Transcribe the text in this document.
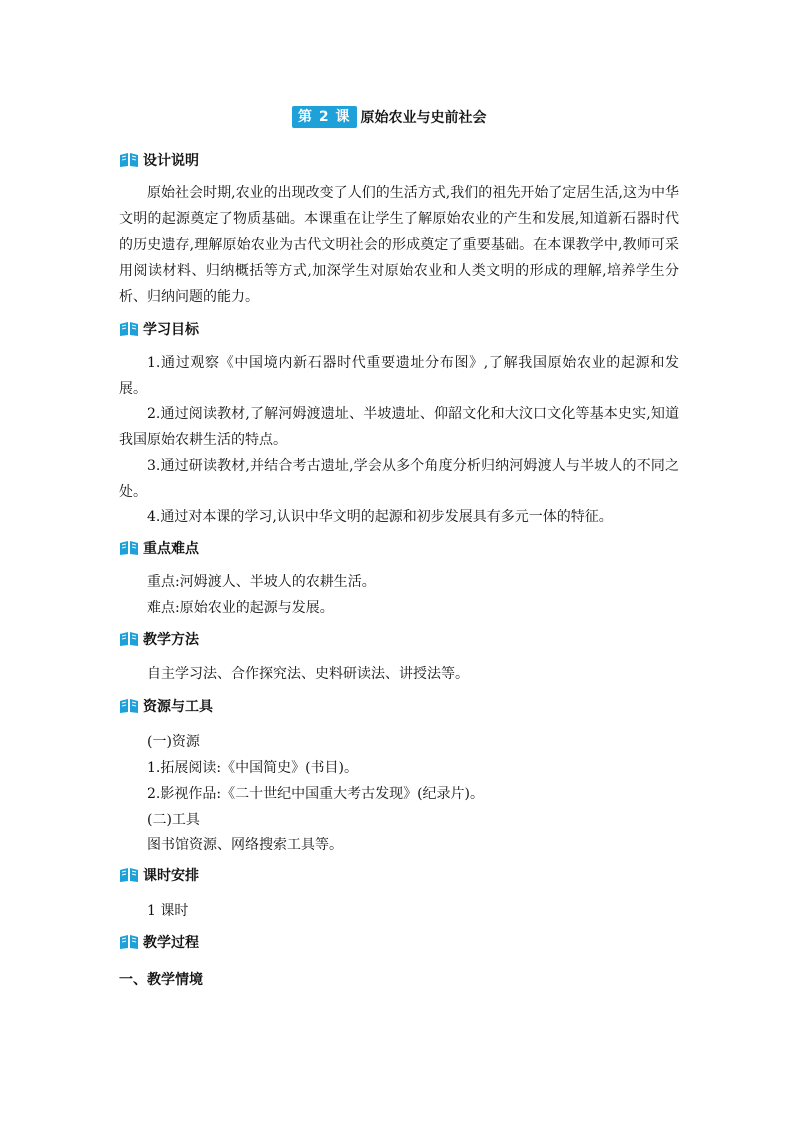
第 2 课 原始农业与史前社会
设计说明

原始社会时期,农业的出现改变了人们的生活方式,我们的祖先开始了定居生活,这为中华文明的起源奠定了物质基础。本课重在让学生了解原始农业的产生和发展,知道新石器时代的历史遗存,理解原始农业为古代文明社会的形成奠定了重要基础。在本课教学中,教师可采用阅读材料、归纳概括等方式,加深学生对原始农业和人类文明的形成的理解,培养学生分析、归纳问题的能力。

学习目标

1.通过观察《中国境内新石器时代重要遗址分布图》,了解我国原始农业的起源和发展。

2.通过阅读教材,了解河姆渡遗址、半坡遗址、仰韶文化和大汶口文化等基本史实,知道我国原始农耕生活的特点。

3.通过研读教材,并结合考古遗址,学会从多个角度分析归纳河姆渡人与半坡人的不同之处。

4.通过对本课的学习,认识中华文明的起源和初步发展具有多元一体的特征。

重点难点

重点:河姆渡人、半坡人的农耕生活。

难点:原始农业的起源与发展。

教学方法

自主学习法、合作探究法、史料研读法、讲授法等。

资源与工具

(一)资源

1.拓展阅读:《中国简史》(书目)。

2.影视作品:《二十世纪中国重大考古发现》(纪录片)。

(二)工具

图书馆资源、网络搜索工具等。

课时安排

1 课时

教学过程
一、教学情境
